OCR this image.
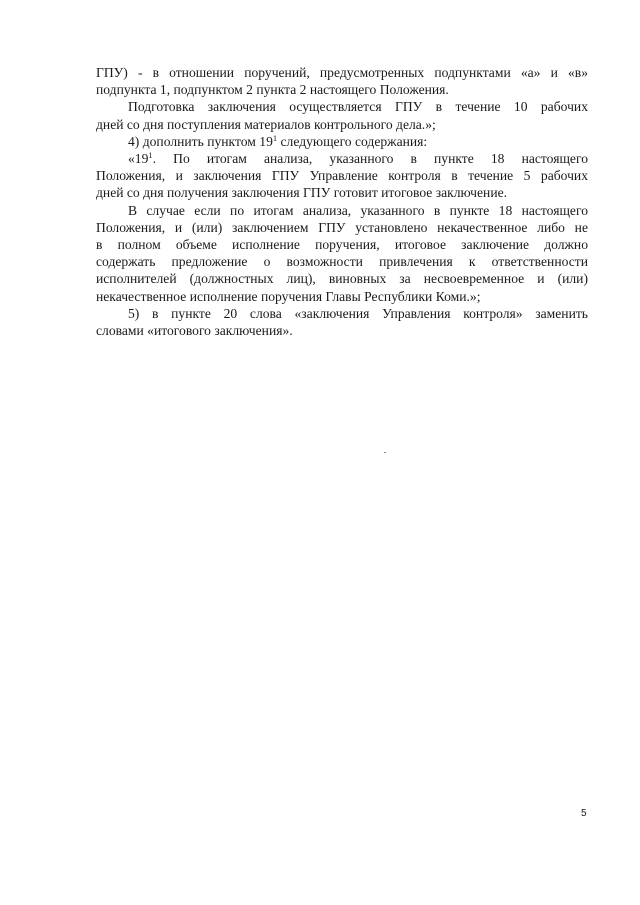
ГПУ) - в отношении поручений, предусмотренных подпунктами «а» и «в»
подпункта 1, подпунктом 2 пункта 2 настоящего Положения.

Подготовка заключения осуществляется ГПУ в течение 10 рабочих
дней со дня поступления материалов контрольного дела.»;

4) дополнить пунктом $19^1$ следующего содержания:

«$19^1$. По итогам анализа, указанного в пункте 18 настоящего
Положения, и заключения ГПУ Управление контроля в течение 5 рабочих
дней со дня получения заключения ГПУ готовит итоговое заключение.

В случае если по итогам анализа, указанного в пункте 18 настоящего
Положения, и (или) заключением ГПУ установлено некачественное либо не
в полном объеме исполнение поручения, итоговое заключение должно
содержать предложение о возможности привлечения к ответственности
исполнителей (должностных лиц), виновных за несвоевременное и (или)
некачественное исполнение поручения Главы Республики Коми.»;

5) в пункте 20 слова «заключения Управления контроля» заменить
словами «итогового заключения».

5
